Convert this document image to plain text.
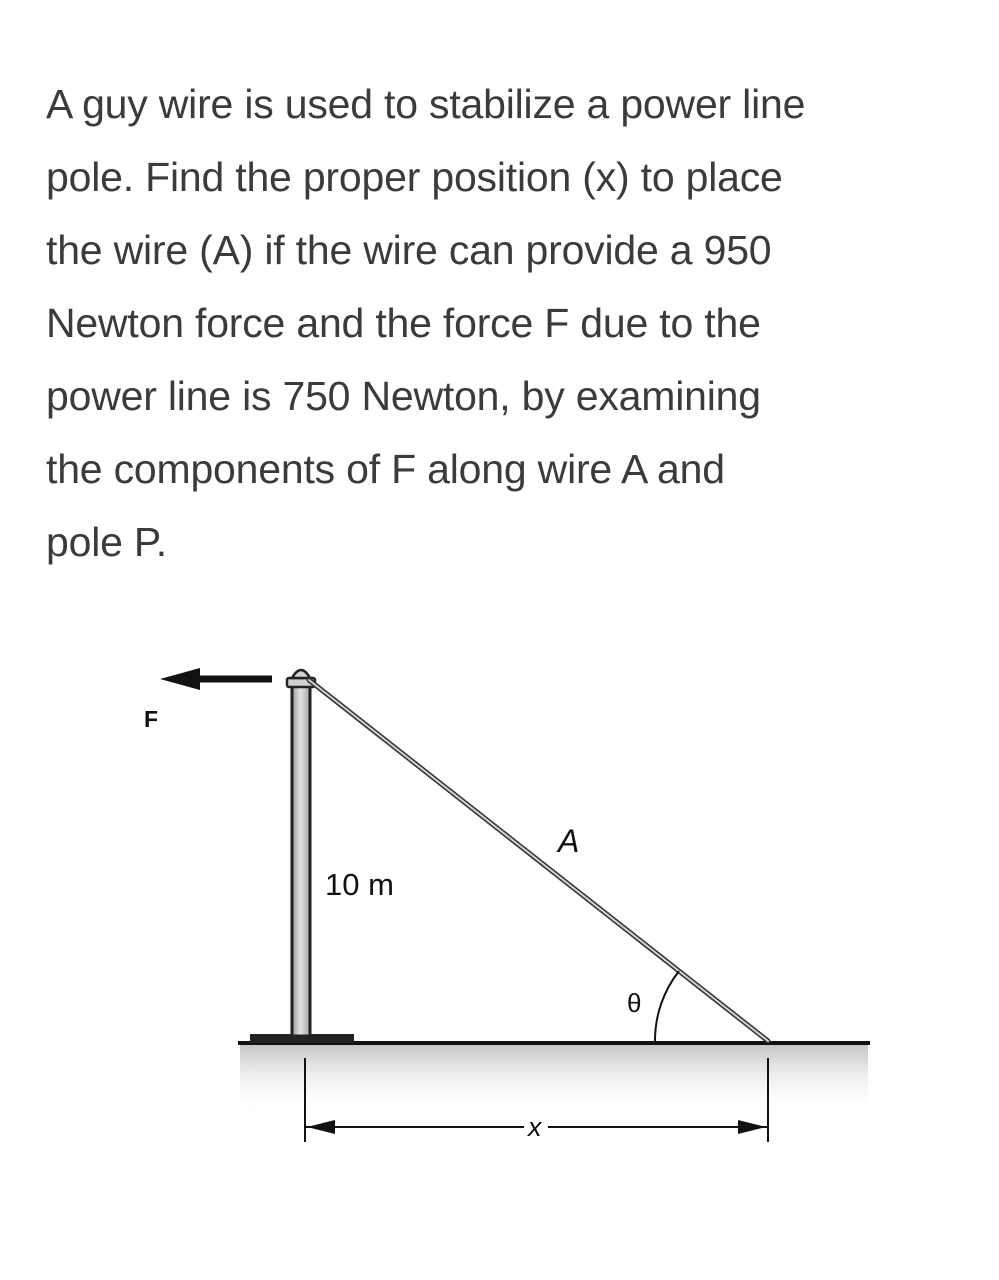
A guy wire is used to stabilize a power line
pole. Find the proper position (x) to place
the wire (A) if the wire can provide a 950
Newton force and the force F due to the
power line is 750 Newton, by examining
the components of F along wire A and
pole P.
F
A
10 m
θ
x
